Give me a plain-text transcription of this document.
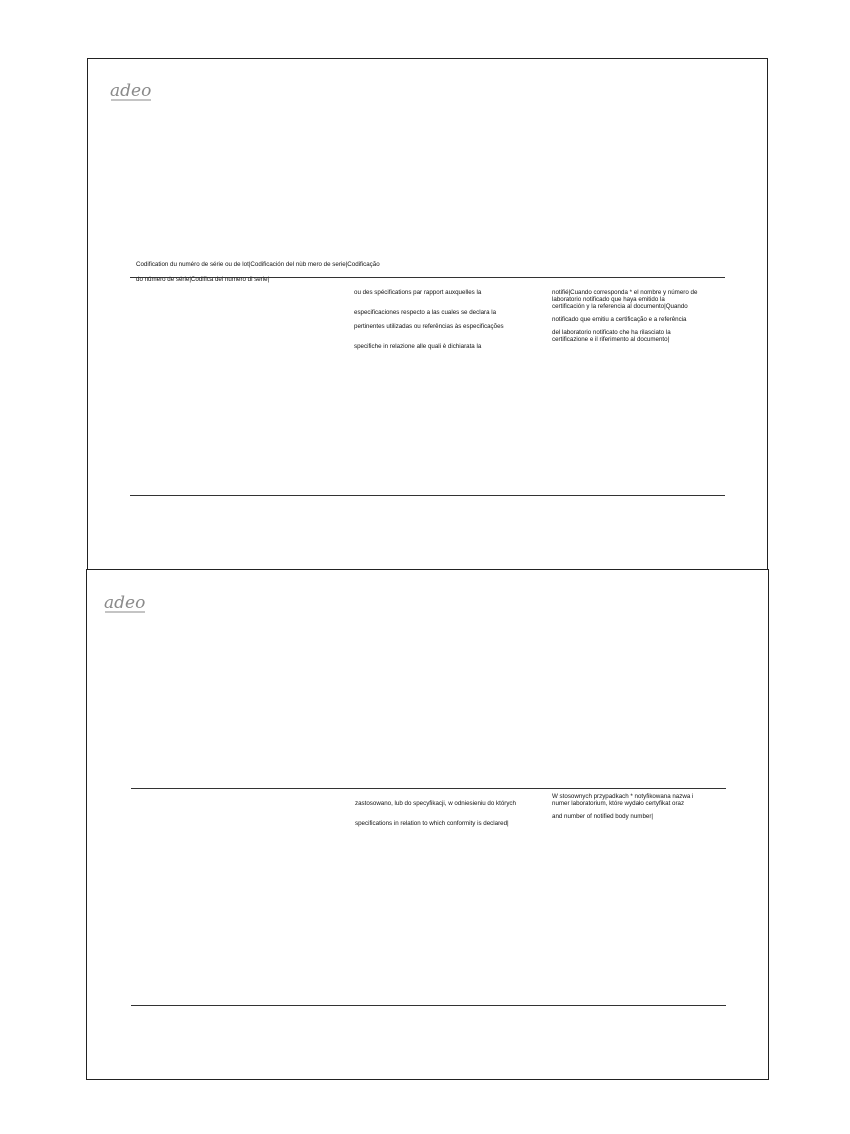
adeo

Codification du numéro de série ou de lot|Codificación del nùb mero de serie|Codificação

do número de série|Codifica del numero di serie|

ou des spécifications par rapport auxquelles la
especificaciones respecto a las cuales se declara la
pertinentes utilizadas ou referências às especificações
specifiche in relazione alle quali è dichiarata la
notifié|Cuando corresponda * el nombre y número de
laboratorio notificado que haya emitido la
certificación y la referencia al documento|Quando
notificado que emitiu a certificação e a referência
del laboratorio notificato che ha rilasciato la
certificazione e il riferimento al documento|
adeo
zastosowano, lub do specyfikacji, w odniesieniu do których
specifications in relation to which conformity is declared|
W stosownych przypadkach * notyfikowana nazwa i
numer laboratorium, które wydało certyfikat oraz
and number of notified body number|
